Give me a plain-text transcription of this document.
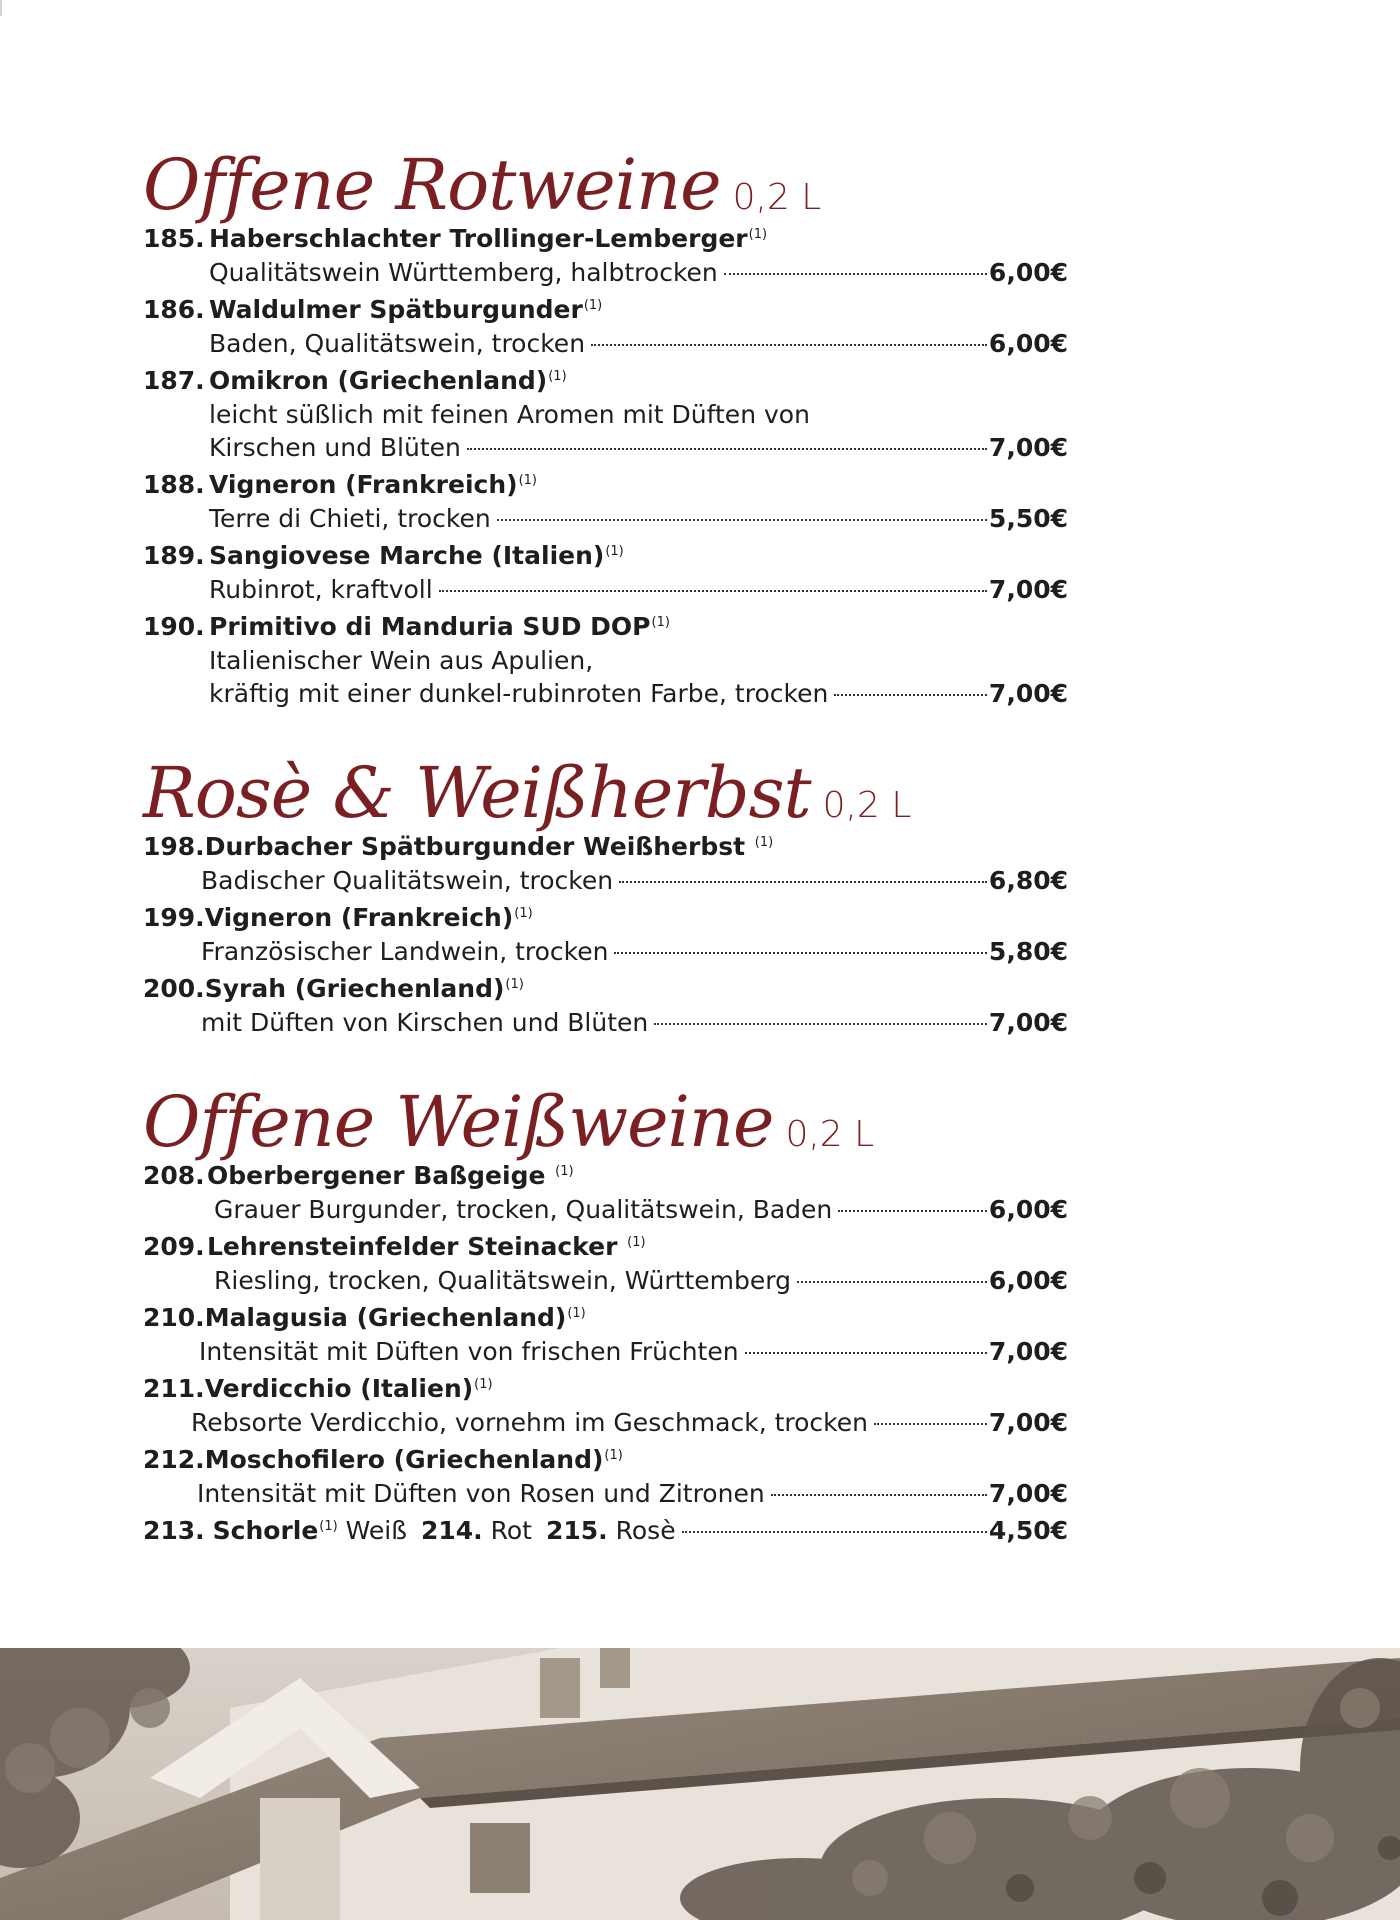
Offene Rotweine 0,2 L
185. Haberschlachter Trollinger-Lemberger$^{(1)}$
Qualitätswein Württemberg, halbtrocken	6,00€
186. Waldulmer Spätburgunder$^{(1)}$
Baden, Qualitätswein, trocken	6,00€
187. Omikron (Griechenland)$^{(1)}$
leicht süßlich mit feinen Aromen mit Düften von
Kirschen und Blüten	7,00€
188. Vigneron (Frankreich)$^{(1)}$
Terre di Chieti, trocken	5,50€
189. Sangiovese Marche (Italien)$^{(1)}$
Rubinrot, kraftvoll	7,00€
190. Primitivo di Manduria SUD DOP$^{(1)}$
Italienischer Wein aus Apulien,
kräftig mit einer dunkel-rubinroten Farbe, trocken	7,00€
Rosè & Weißherbst 0,2 L
198. Durbacher Spätburgunder Weißherbst $^{(1)}$
Badischer Qualitätswein, trocken	6,80€
199. Vigneron (Frankreich)$^{(1)}$
Französischer Landwein, trocken	5,80€
200. Syrah (Griechenland)$^{(1)}$
mit Düften von Kirschen und Blüten	7,00€
Offene Weißweine 0,2 L
208. Oberbergener Baßgeige $^{(1)}$
Grauer Burgunder, trocken, Qualitätswein, Baden	6,00€
209. Lehrensteinfelder Steinacker $^{(1)}$
Riesling, trocken, Qualitätswein, Württemberg	6,00€
210. Malagusia (Griechenland)$^{(1)}$
Intensität mit Düften von frischen Früchten	7,00€
211. Verdicchio (Italien)$^{(1)}$
Rebsorte Verdicchio, vornehm im Geschmack, trocken	7,00€
212. Moschofilero (Griechenland)$^{(1)}$
Intensität mit Düften von Rosen und Zitronen	7,00€
213. Schorle$^{(1)}$ Weiß 214. Rot 215. Rosè	4,50€
